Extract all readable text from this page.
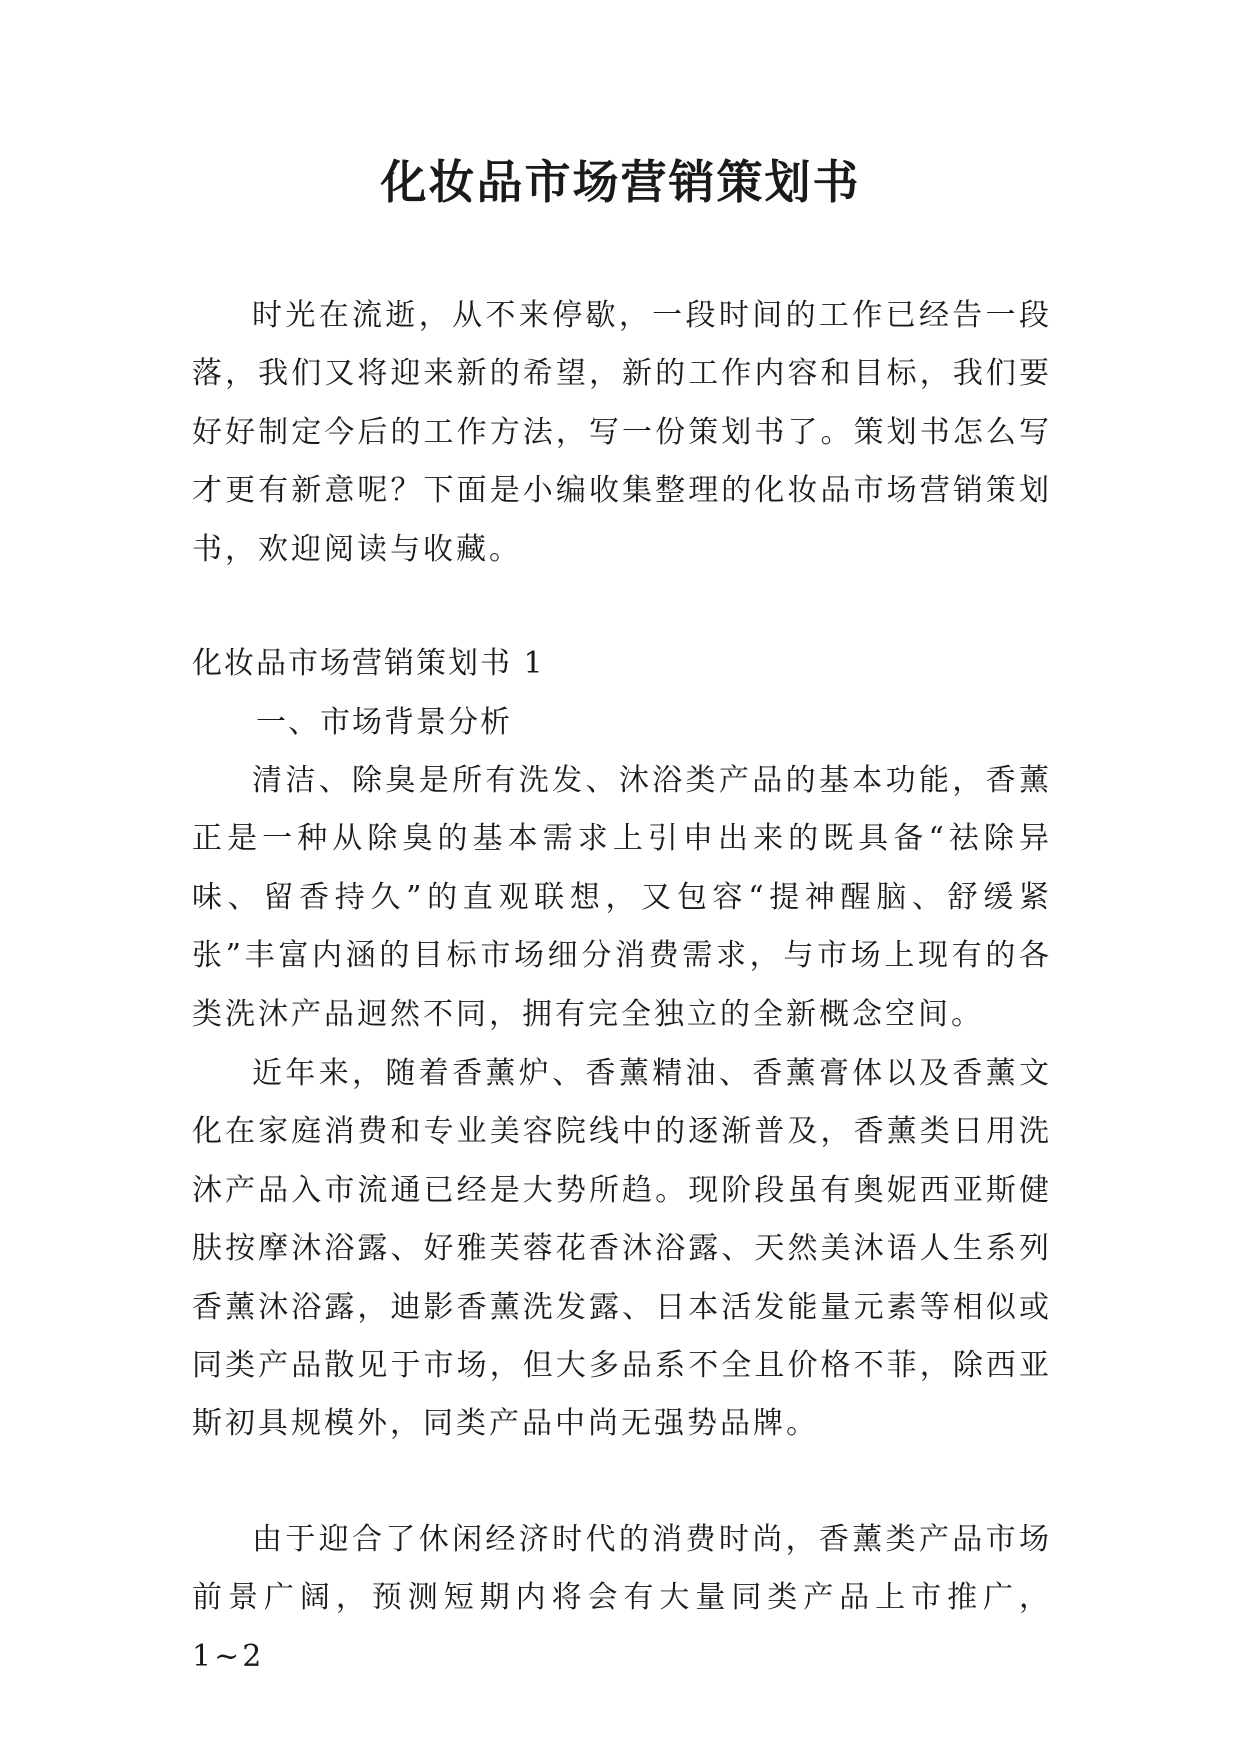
化妆品市场营销策划书

时光在流逝，从不来停歇，一段时间的工作已经告一段落，我们又将迎来新的希望，新的工作内容和目标，我们要好好制定今后的工作方法，写一份策划书了。策划书怎么写才更有新意呢？下面是小编收集整理的化妆品市场营销策划书，欢迎阅读与收藏。

化妆品市场营销策划书 1

一、市场背景分析

清洁、除臭是所有洗发、沐浴类产品的基本功能，香薰正是一种从除臭的基本需求上引申出来的既具备“祛除异味、留香持久”的直观联想，又包容“提神醒脑、舒缓紧张”丰富内涵的目标市场细分消费需求，与市场上现有的各类洗沐产品迥然不同，拥有完全独立的全新概念空间。

近年来，随着香薰炉、香薰精油、香薰膏体以及香薰文化在家庭消费和专业美容院线中的逐渐普及，香薰类日用洗沐产品入市流通已经是大势所趋。现阶段虽有奥妮西亚斯健肤按摩沐浴露、好雅芙蓉花香沐浴露、天然美沐语人生系列香薰沐浴露，迪影香薰洗发露、日本活发能量元素等相似或同类产品散见于市场，但大多品系不全且价格不菲，除西亚斯初具规模外，同类产品中尚无强势品牌。

由于迎合了休闲经济时代的消费时尚，香薰类产品市场前景广阔，预测短期内将会有大量同类产品上市推广，1~2
